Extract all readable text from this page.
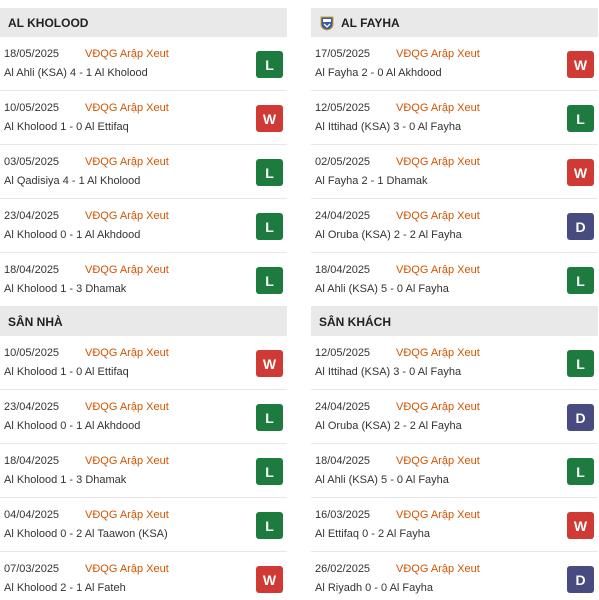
AL KHOLOOD
18/05/2025 VĐQG Arập Xeut
Al Ahli (KSA) 4 - 1 Al Kholood
L
10/05/2025 VĐQG Arập Xeut
Al Kholood 1 - 0 Al Ettifaq
W
03/05/2025 VĐQG Arập Xeut
Al Qadisiya 4 - 1 Al Kholood
L
23/04/2025 VĐQG Arập Xeut
Al Kholood 0 - 1 Al Akhdood
L
18/04/2025 VĐQG Arập Xeut
Al Kholood 1 - 3 Dhamak
L
AL FAYHA
17/05/2025 VĐQG Arập Xeut
Al Fayha 2 - 0 Al Akhdood
W
12/05/2025 VĐQG Arập Xeut
Al Ittihad (KSA) 3 - 0 Al Fayha
L
02/05/2025 VĐQG Arập Xeut
Al Fayha 2 - 1 Dhamak
W
24/04/2025 VĐQG Arập Xeut
Al Oruba (KSA) 2 - 2 Al Fayha
D
18/04/2025 VĐQG Arập Xeut
Al Ahli (KSA) 5 - 0 Al Fayha
L
SÂN NHÀ
10/05/2025 VĐQG Arập Xeut
Al Kholood 1 - 0 Al Ettifaq
W
23/04/2025 VĐQG Arập Xeut
Al Kholood 0 - 1 Al Akhdood
L
18/04/2025 VĐQG Arập Xeut
Al Kholood 1 - 3 Dhamak
L
04/04/2025 VĐQG Arập Xeut
Al Kholood 0 - 2 Al Taawon (KSA)
L
07/03/2025 VĐQG Arập Xeut
Al Kholood 2 - 1 Al Fateh
W
SÂN KHÁCH
12/05/2025 VĐQG Arập Xeut
Al Ittihad (KSA) 3 - 0 Al Fayha
L
24/04/2025 VĐQG Arập Xeut
Al Oruba (KSA) 2 - 2 Al Fayha
D
18/04/2025 VĐQG Arập Xeut
Al Ahli (KSA) 5 - 0 Al Fayha
L
16/03/2025 VĐQG Arập Xeut
Al Ettifaq 0 - 2 Al Fayha
W
26/02/2025 VĐQG Arập Xeut
Al Riyadh 0 - 0 Al Fayha
D
